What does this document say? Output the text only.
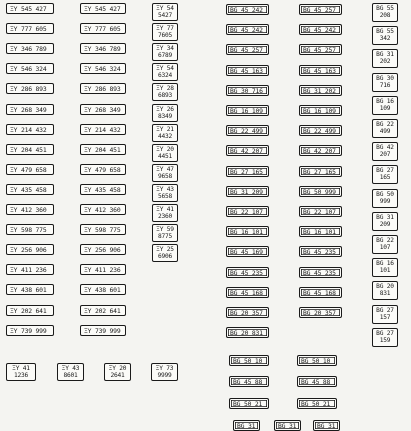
ΞY 545 427
ΞY 777 605
ΞY 346 789
ΞY 546 324
ΞY 286 893
ΞY 268 349
ΞY 214 432
ΞY 204 451
ΞY 479 658
ΞY 435 458
ΞY 412 360
ΞY 598 775
ΞY 256 906
ΞY 411 236
ΞY 438 601
ΞY 202 641
ΞY 739 999
ΞY 545 427
ΞY 777 605
ΞY 346 789
ΞY 546 324
ΞY 286 893
ΞY 268 349
ΞY 214 432
ΞY 204 451
ΞY 479 658
ΞY 435 458
ΞY 412 360
ΞY 598 775
ΞY 256 906
ΞY 411 236
ΞY 438 601
ΞY 202 641
ΞY 739 999
ΞY 54
5427
ΞY 77
7605
ΞY 34
6789
ΞY 54
6324
ΞY 28
6893
ΞY 26
8349
ΞY 21
4432
ΞY 20
4451
ΞY 47
9658
ΞY 43
5658
ΞY 41
2360
ΞY 59
8775
ΞY 25
6906
BG 45 242
BG 45 242
BG 45 257
BG 45 163
BG 30 716
BG 16 109
BG 22 499
BG 42 207
BG 27 165
BG 31 209
BG 22 107
BG 16 101
BG 45 169
BG 45 235
BG 45 168
BG 20 357
BG 20 831
BG 45 257
BG 45 242
BG 45 257
BG 45 163
BG 31 202
BG 16 109
BG 22 499
BG 42 207
BG 27 165
BG 50 999
BG 22 107
BG 16 101
BG 45 235
BG 45 235
BG 45 168
BG 20 357
BG 55
208
BG 55
342
BG 31
202
BG 30
716
BG 16
109
BG 22
499
BG 42
207
BG 27
165
BG 50
999
BG 31
209
BG 22
107
BG 16
101
BG 20
831
BG 27
157
BG 27
159
ΞY 41
1236
ΞY 43
8601
ΞY 20
2641
ΞY 73
9999
BG 50 10
BG 45 88
BG 50 21
BG 31
BG 50 10
BG 45 88
BG 50 21
BG 31	BG 31
